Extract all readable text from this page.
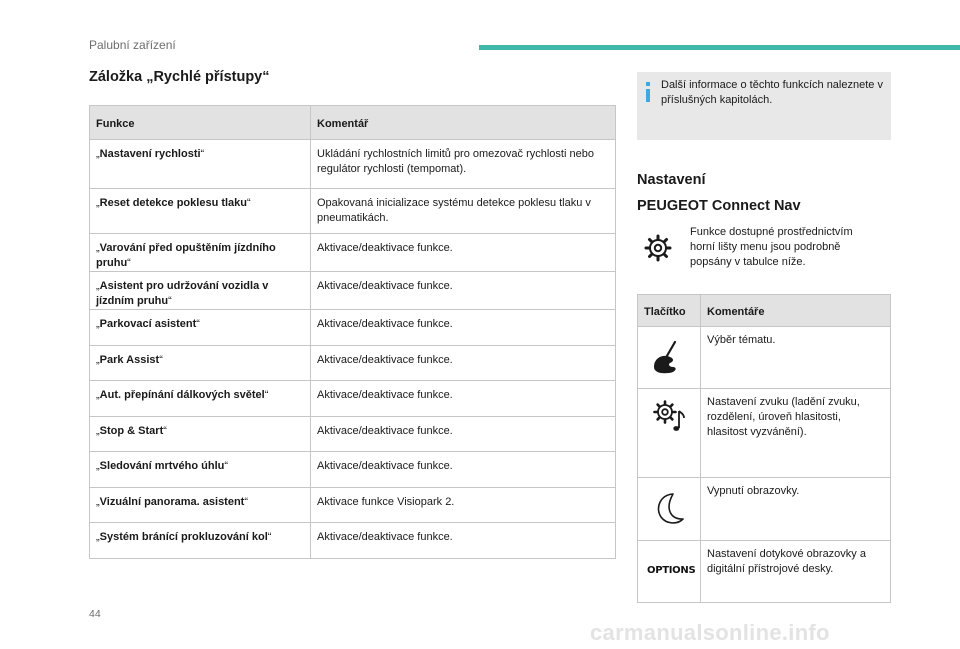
Palubní zařízení
Záložka „Rychlé přístupy“
Funkce	Komentář
„Nastavení rychlosti“	Ukládání rychlostních limitů pro omezovač rychlosti nebo regulátor rychlosti (tempomat).
„Reset detekce poklesu tlaku“	Opakovaná inicializace systému detekce poklesu tlaku v pneumatikách.
„Varování před opuštěním jízdního pruhu“	Aktivace/deaktivace funkce.
„Asistent pro udržování vozidla v jízdním pruhu“	Aktivace/deaktivace funkce.
„Parkovací asistent“	Aktivace/deaktivace funkce.
„Park Assist“	Aktivace/deaktivace funkce.
„Aut. přepínání dálkových světel“	Aktivace/deaktivace funkce.
„Stop & Start“	Aktivace/deaktivace funkce.
„Sledování mrtvého úhlu“	Aktivace/deaktivace funkce.
„Vizuální panorama. asistent“	Aktivace funkce Visiopark 2.
„Systém bránící prokluzování kol“	Aktivace/deaktivace funkce.
Další informace o těchto funkcích naleznete v příslušných kapitolách.
Nastavení
PEUGEOT Connect Nav
Funkce dostupné prostřednictvím horní lišty menu jsou podrobně popsány v tabulce níže.
Tlačítko	Komentáře

	Výběr tématu.

	Nastavení zvuku (ladění zvuku, rozdělení, úroveň hlasitosti, hlasitost vyzvánění).

	Vypnutí obrazovky.

OPTIONS	Nastavení dotykové obrazovky a digitální přístrojové desky.
44
carmanualsonline.info
